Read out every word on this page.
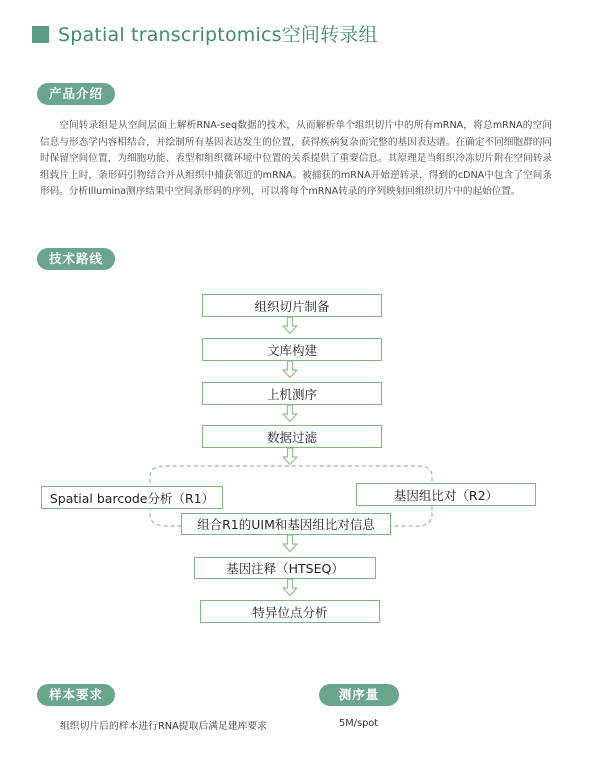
Spatial transcriptomics空间转录组
产品介绍

空间转录组是从空间层面上解析RNA-seq数据的技术，从而解析单个组织切片中的所有mRNA，将总mRNA的空间信息与形态学内容相结合，并绘制所有基因表达发生的位置，获得疾病复杂而完整的基因表达谱。在确定不同细胞群的同时保留空间位置，为细胞功能、表型和组织微环境中位置的关系提供了重要信息。其原理是当组织冷冻切片附在空间转录组载片上时，条形码引物结合并从组织中捕获邻近的mRNA。被捕获的mRNA开始逆转录，得到的cDNA中包含了空间条形码。分析Illumina测序结果中空间条形码的序列，可以将每个mRNA转录的序列映射回组织切片中的起始位置。

技术路线
组织切片制备
文库构建
上机测序
数据过滤
Spatial barcode分析（R1）	基因组比对（R2）
组合R1的UIM和基因组比对信息
基因注释（HTSEQ）
特异位点分析
样本要求
组织切片后的样本进行RNA提取后满足建库要求
测序量
5M/spot
